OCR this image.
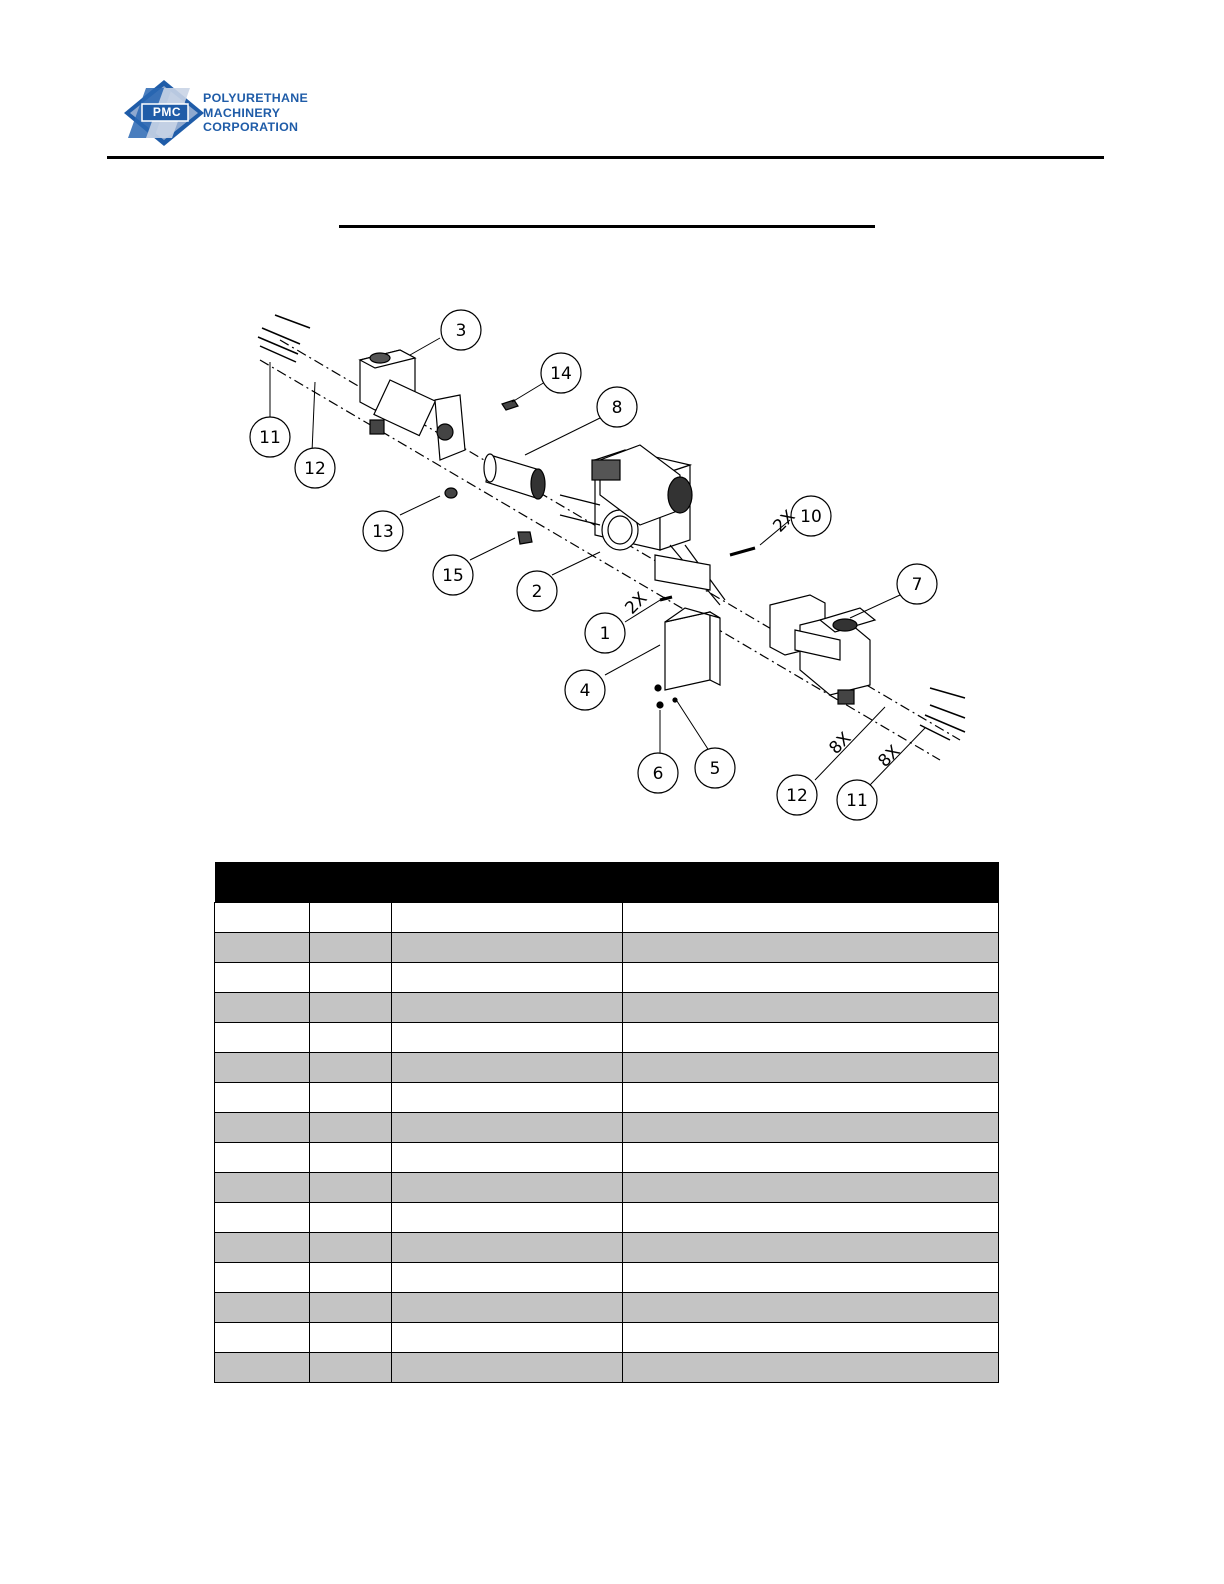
PMC
POLYURETHANE
MACHINERY
CORPORATION
1
2
3
4
5
6
7
8
10
11
12
13
14
15
11
12
2X
2X
8X 8X
